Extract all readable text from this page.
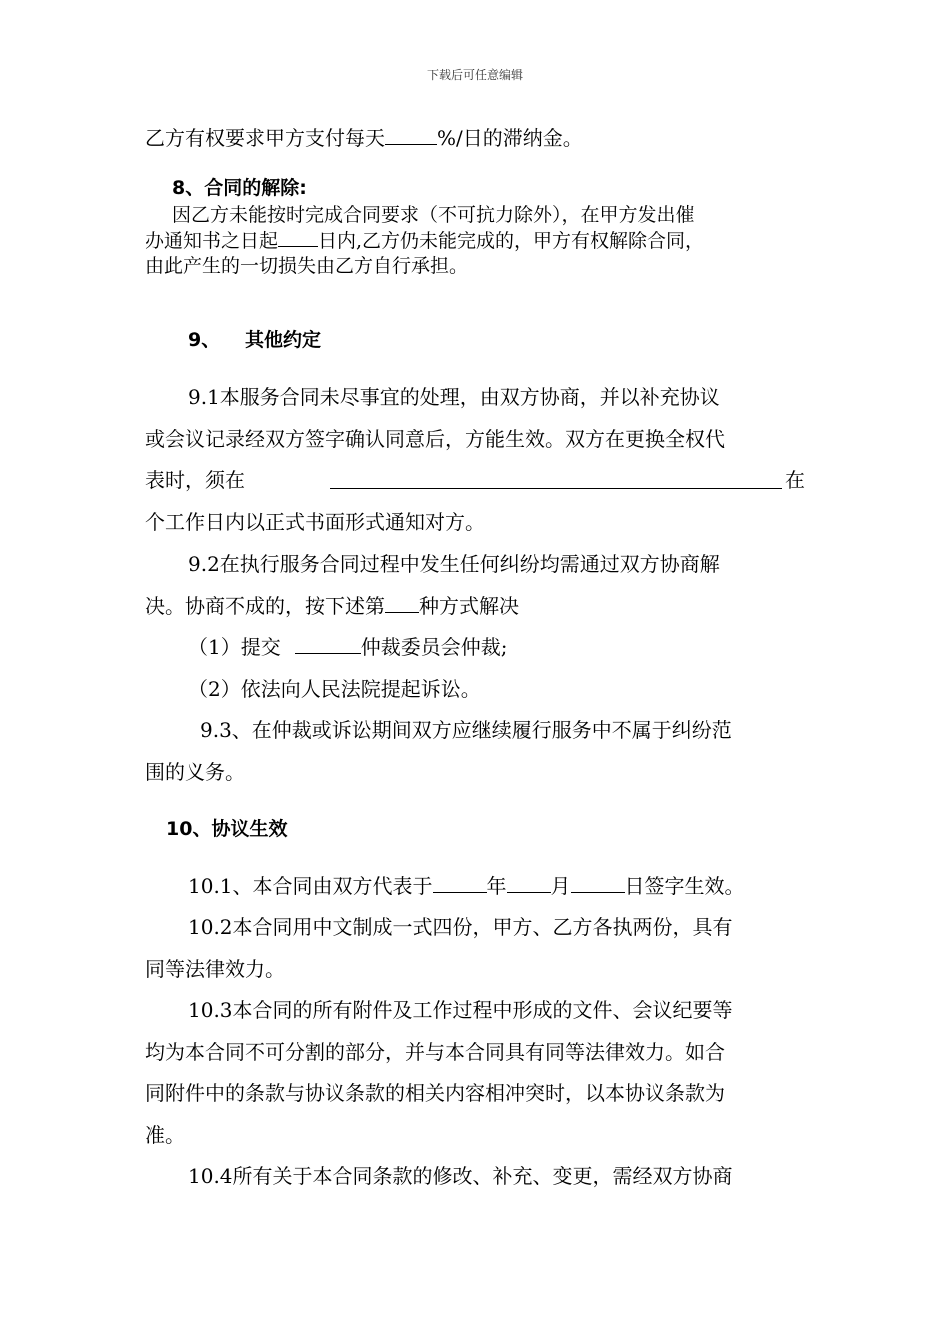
下载后可任意编辑
乙方有权要求甲方支付每天	%/日的滞纳金。
8、合同的解除:
因乙方未能按时完成合同要求（不可抗力除外），在甲方发出催
办通知书之日起 日内,乙方仍未能完成的，甲方有权解除合同，
由此产生的一切损失由乙方自行承担。
9、 其他约定
9.1本服务合同未尽事宜的处理，由双方协商，并以补充协议
或会议记录经双方签字确认同意后，方能生效。双方在更换全权代
表时，须在	在
个工作日内以正式书面形式通知对方。
9.2在执行服务合同过程中发生任何纠纷均需通过双方协商解
决。协商不成的，按下述第 种方式解决
（1）提交	仲裁委员会仲裁;
（2）依法向人民法院提起诉讼。
9.3、在仲裁或诉讼期间双方应继续履行服务中不属于纠纷范
围的义务。
10、协议生效
10.1、本合同由双方代表于	年 月	日签字生效。
10.2本合同用中文制成一式四份，甲方、乙方各执两份，具有
同等法律效力。
10.3本合同的所有附件及工作过程中形成的文件、会议纪要等
均为本合同不可分割的部分，并与本合同具有同等法律效力。如合
同附件中的条款与协议条款的相关内容相冲突时，以本协议条款为
准。
10.4所有关于本合同条款的修改、补充、变更，需经双方协商
